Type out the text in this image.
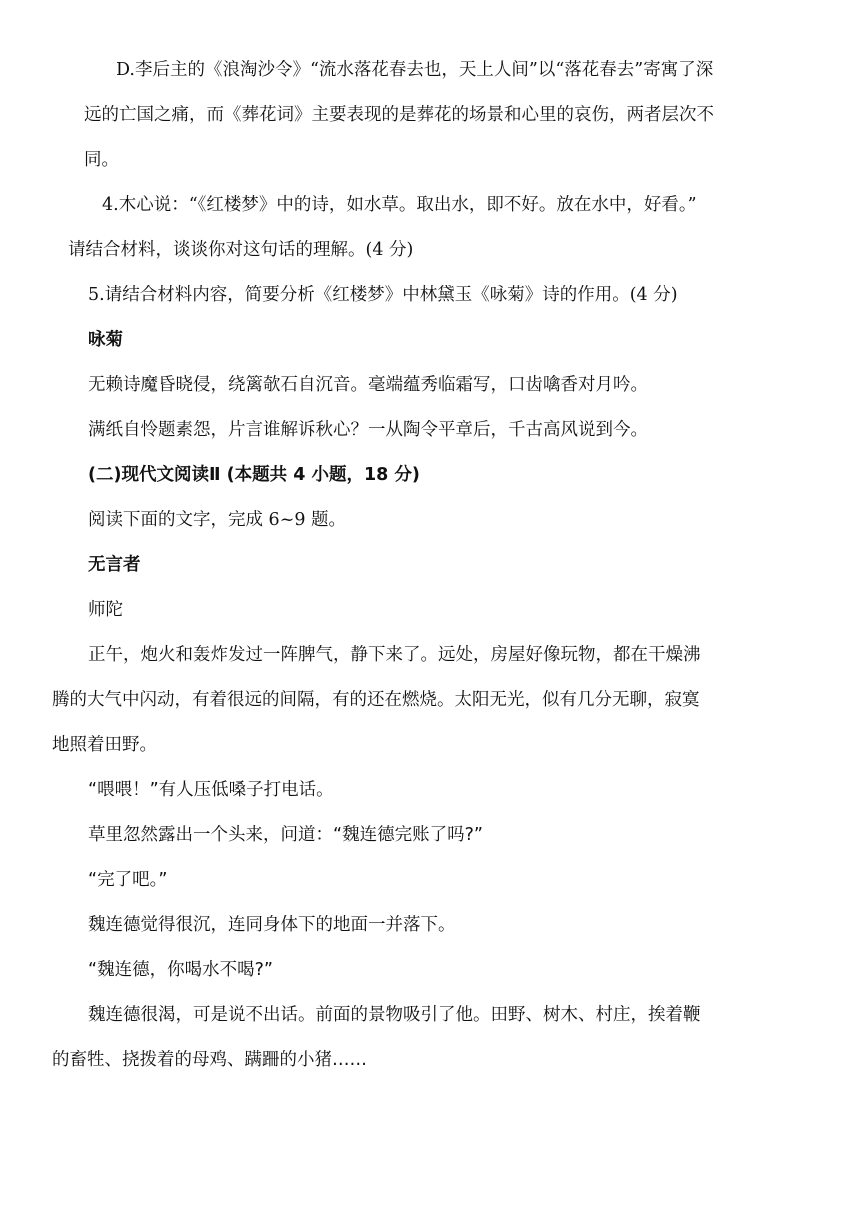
D.李后主的《浪淘沙令》“流水落花春去也，天上人间”以“落花春去”寄寓了深
远的亡国之痛，而《葬花词》主要表现的是葬花的场景和心里的哀伤，两者层次不
同。
4.木心说：“《红楼梦》中的诗，如水草。取出水，即不好。放在水中，好看。”
请结合材料，谈谈你对这句话的理解。(4 分)
5.请结合材料内容，简要分析《红楼梦》中林黛玉《咏菊》诗的作用。(4 分)
咏菊
无赖诗魔昏晓侵，绕篱欹石自沉音。毫端蕴秀临霜写，口齿噙香对月吟。
满纸自怜题素怨，片言谁解诉秋心？一从陶令平章后，千古高风说到今。
(二)现代文阅读Ⅱ (本题共 4 小题，18 分)
阅读下面的文字，完成 6~9 题。
无言者
师陀
正午，炮火和轰炸发过一阵脾气，静下来了。远处，房屋好像玩物，都在干燥沸
腾的大气中闪动，有着很远的间隔，有的还在燃烧。太阳无光，似有几分无聊，寂寞
地照着田野。
“喂喂！”有人压低嗓子打电话。
草里忽然露出一个头来，问道：“魏连德完账了吗?”
“完了吧。”
魏连德觉得很沉，连同身体下的地面一并落下。
“魏连德，你喝水不喝?”
魏连德很渴，可是说不出话。前面的景物吸引了他。田野、树木、村庄，挨着鞭
的畜牲、挠拨着的母鸡、蹒跚的小猪……
